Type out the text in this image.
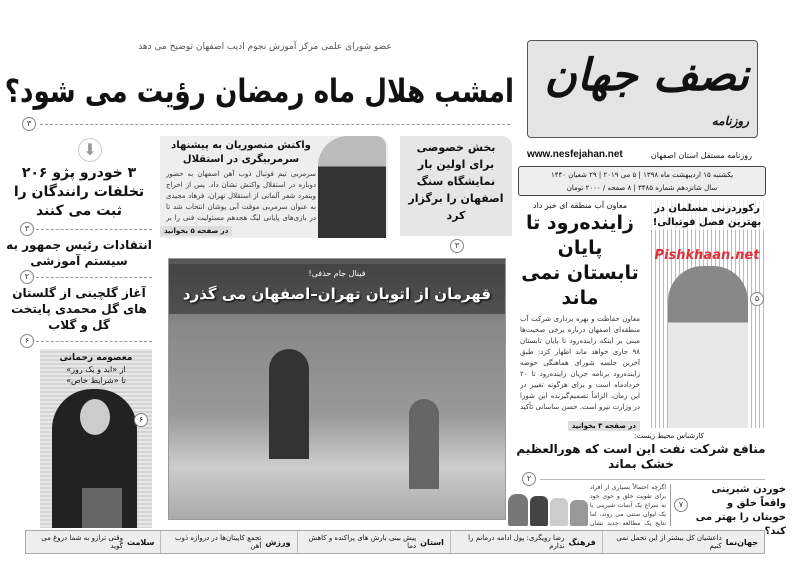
نصف جهان
روزنامه
روزنامه مستقل استان اصفهان
www.nesfejahan.net
یکشنبه ۱۵ اردیبهشت ماه ۱۳۹۸ | ۵ می ۲۰۱۹ | ۲۹ شعبان ۱۴۴۰
سال شانزدهم شماره ۳۴۸۵ | ۸ صفحه / ۲۰۰۰ تومان
عضو شورای علمی مرکز آموزش نجوم ادیب اصفهان توضیح می دهد
امشب هلال ماه رمضان رؤیت می شود؟
۳
⬇
۳ خودرو پژو ۲۰۶ تخلفات رانندگان را ثبت می کنند
۳
انتقادات رئیس جمهور به سیستم آموزشی
۲
آغاز گلچینی از گلستان های گل محمدی پایتخت گل و گلاب
۶
معصومه رحمانی
از «ابد و یک روز»
تا «شرایط خاص»
۶
واکنش منصوریان به پیشنهاد سرمربیگری در استقلال
سرمربی تیم فوتبال ذوب آهن اصفهان به حضور دوباره در استقلال واکنش نشان داد. پس از اخراج وینفرد شفر آلمانی از استقلال تهران، فرهاد مجیدی به عنوان سرمربی موقت آبی پوشان انتخاب شد تا در بازی‌های پایانی لیگ هجدهم مسئولیت فنی را بر
در صفحه ۵ بخوانید
بخش خصوصی برای اولین بار نمایشگاه سنگ اصفهان را برگزار کرد
۳
فینال جام حذفی!
قهرمان از اتوبان تهران–اصفهان می گذرد
معاون آب منطقه ای خبر داد
زاینده‌رود تا پایان تابستان نمی ماند
معاون حفاظت و بهره برداری شرکت آب منطقه‌ای اصفهان درباره برخی صحبت‌ها مبنی بر اینکه زاینده‌رود تا پایان تابستان ۹۸ جاری خواهد ماند اظهار کرد: طبق آخرین جلسه شورای هماهنگی حوضه زاینده‌رود برنامه جریان زاینده‌رود تا ۲۰ خردادماه است و برای هرگونه تغییر در این زمان، الزاماً تصمیم‌گیرنده این شورا در وزارت نیرو است. حسن ساسانی تأکید
در صفحه ۳ بخوانید
رکوردزنی مسلمان در بهترین فصل فوتبالی!
Pishkhaan.net
۵
کارشناس محیط زیست:
منافع شرکت نفت این است که هورالعظیم خشک بماند
۲
خوردن شیرینی واقعاً خلق و خویتان را بهتر می کند؟
اگرچه احتمالاً بسیاری از افراد برای تقویت خلق و خوی خود به سراغ یک آبنبات شیرینی یا یک لیوان ستنی می روند، اما نتایج یک مطالعه جدید نشان
۷
جهان‌نما
داعشیان کل بیشتر از این تحمل نمی کنیم
فرهنگ
رضا رویگری: پول ادامه درمانم را ندارم
استان
پیش بینی بارش های پراکنده و کاهش دما
ورزش
تجمع کاپیتان‌ها در دروازه ذوب آهن
سلامت
وقتی ترازو به شما دروغ می گوید
